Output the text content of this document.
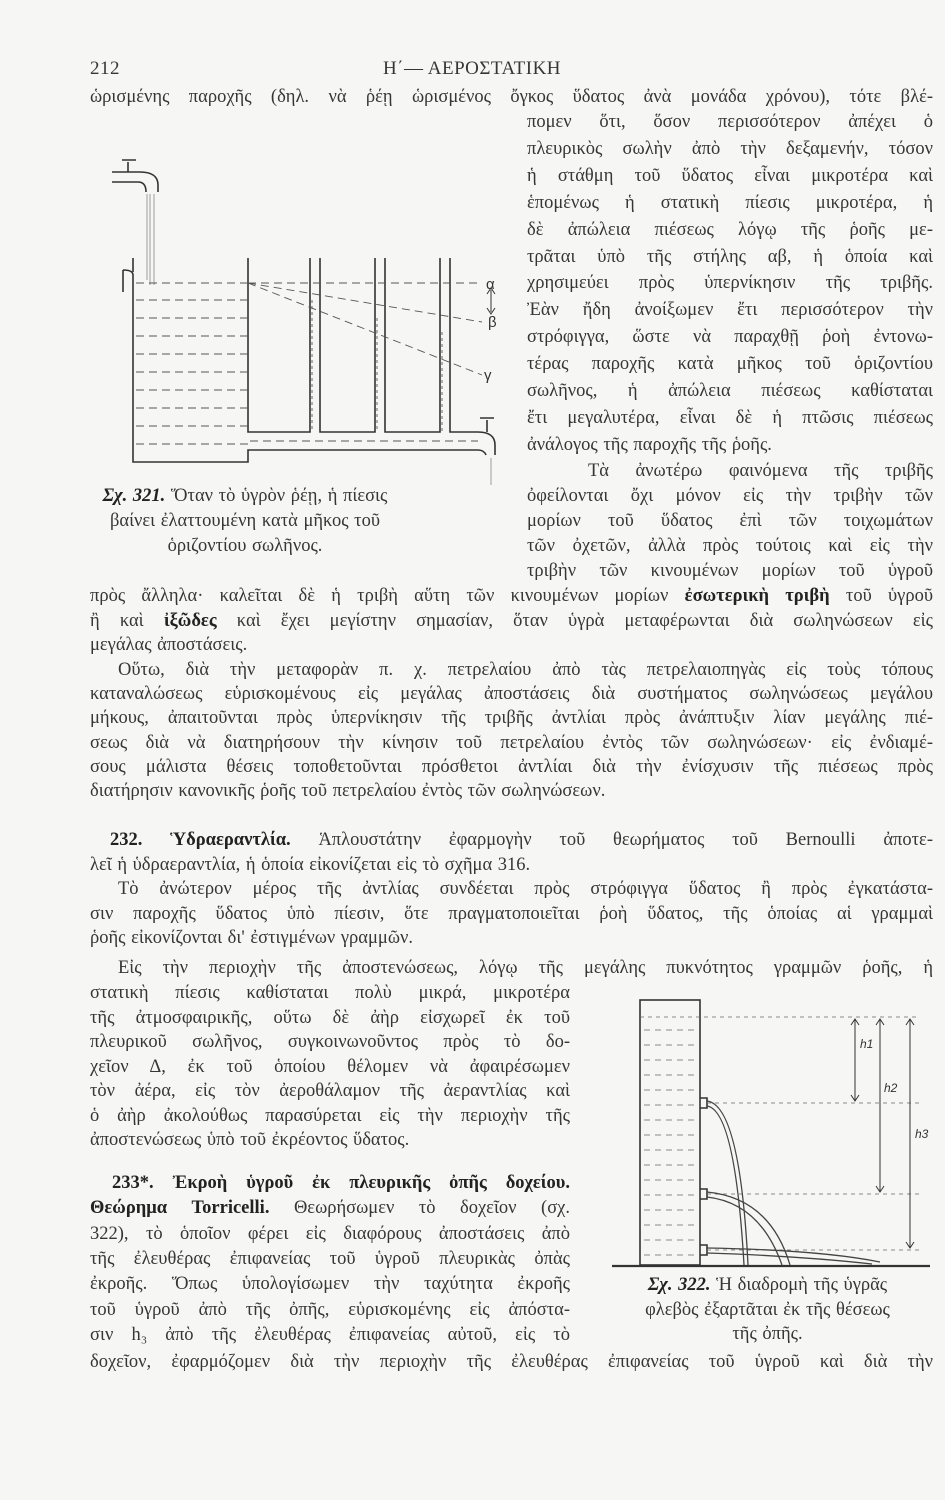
212	Η΄— ΑΕΡΟΣΤΑΤΙΚΗ
α
β
γ
h1
h2
h3
ὡρισμένης παροχῆς (δηλ. νὰ ῥέῃ ὡρισμένος ὄγκος ὕδατος ἀνὰ μονάδα χρόνου), τότε βλέ-
πομεν ὅτι, ὅσον περισσότερον ἀπέχει ὁ
πλευρικὸς σωλὴν ἀπὸ τὴν δεξαμενήν, τόσον
ἡ στάθμη τοῦ ὕδατος εἶναι μικροτέρα καὶ
ἑπομένως ἡ στατικὴ πίεσις μικροτέρα, ἡ
δὲ ἀπώλεια πιέσεως λόγῳ τῆς ῥοῆς με-
τρᾶται ὑπὸ τῆς στήλης αβ, ἡ ὁποία καὶ
χρησιμεύει πρὸς ὑπερνίκησιν τῆς τριβῆς.
Ἐὰν ἤδη ἀνοίξωμεν ἔτι περισσότερον τὴν
στρόφιγγα, ὥστε νὰ παραχθῇ ῥοὴ ἐντονω-
τέρας παροχῆς κατὰ μῆκος τοῦ ὁριζοντίου
σωλῆνος, ἡ ἀπώλεια πιέσεως καθίσταται
ἔτι μεγαλυτέρα, εἶναι δὲ ἡ πτῶσις πιέσεως
ἀνάλογος τῆς παροχῆς τῆς ῥοῆς.
Τὰ ἀνωτέρω φαινόμενα τῆς τριβῆς
ὀφείλονται ὄχι μόνον εἰς τὴν τριβὴν τῶν
μορίων τοῦ ὕδατος ἐπὶ τῶν τοιχωμάτων
τῶν ὀχετῶν, ἀλλὰ πρὸς τούτοις καὶ εἰς τὴν
τριβὴν τῶν κινουμένων μορίων τοῦ ὑγροῦ
πρὸς ἄλληλα· καλεῖται δὲ ἡ τριβὴ αὕτη τῶν κινουμένων μορίων ἐσωτερικὴ τριβὴ τοῦ ὑγροῦ
ἢ καὶ ἰξῶδες καὶ ἔχει μεγίστην σημασίαν, ὅταν ὑγρὰ μεταφέρωνται διὰ σωληνώσεων εἰς
μεγάλας ἀποστάσεις.
Σχ. 321. Ὅταν τὸ ὑγρὸν ῥέῃ, ἡ πίεσις
βαίνει ἐλαττουμένη κατὰ μῆκος τοῦ
ὁριζοντίου σωλῆνος.
Οὕτω, διὰ τὴν μεταφορὰν π. χ. πετρελαίου ἀπὸ τὰς πετρελαιοπηγὰς εἰς τοὺς τόπους
καταναλώσεως εὑρισκομένους εἰς μεγάλας ἀποστάσεις διὰ συστήματος σωληνώσεως μεγάλου
μήκους, ἀπαιτοῦνται πρὸς ὑπερνίκησιν τῆς τριβῆς ἀντλίαι πρὸς ἀνάπτυξιν λίαν μεγάλης πιέ-
σεως διὰ νὰ διατηρήσουν τὴν κίνησιν τοῦ πετρελαίου ἐντὸς τῶν σωληνώσεων· εἰς ἐνδιαμέ-
σους μάλιστα θέσεις τοποθετοῦνται πρόσθετοι ἀντλίαι διὰ τὴν ἐνίσχυσιν τῆς πιέσεως πρὸς
διατήρησιν κανονικῆς ῥοῆς τοῦ πετρελαίου ἐντὸς τῶν σωληνώσεων.
232. Ὑδραεραντλία. Ἁπλουστάτην ἐφαρμογὴν τοῦ θεωρήματος τοῦ Bernoulli ἀποτε-
λεῖ ἡ ὑδραεραντλία, ἡ ὁποία εἰκονίζεται εἰς τὸ σχῆμα 316.
Τὸ ἀνώτερον μέρος τῆς ἀντλίας συνδέεται πρὸς στρόφιγγα ὕδατος ἢ πρὸς ἐγκατάστα-
σιν παροχῆς ὕδατος ὑπὸ πίεσιν, ὅτε πραγματοποιεῖται ῥοὴ ὕδατος, τῆς ὁποίας αἱ γραμμαὶ
ῥοῆς εἰκονίζονται δι' ἐστιγμένων γραμμῶν.
Εἰς τὴν περιοχὴν τῆς ἀποστενώσεως, λόγῳ τῆς μεγάλης πυκνότητος γραμμῶν ῥοῆς, ἡ
στατικὴ πίεσις καθίσταται πολὺ μικρά, μικροτέρα
τῆς ἀτμοσφαιρικῆς, οὕτω δὲ ἀὴρ εἰσχωρεῖ ἐκ τοῦ
πλευρικοῦ σωλῆνος, συγκοινωνοῦντος πρὸς τὸ δο-
χεῖον Δ, ἐκ τοῦ ὁποίου θέλομεν νὰ ἀφαιρέσωμεν
τὸν ἀέρα, εἰς τὸν ἀεροθάλαμον τῆς ἀεραντλίας καὶ
ὁ ἀὴρ ἀκολούθως παρασύρεται εἰς τὴν περιοχὴν τῆς
ἀποστενώσεως ὑπὸ τοῦ ἐκρέοντος ὕδατος.
233*. Ἐκροὴ ὑγροῦ ἐκ πλευρικῆς ὀπῆς δοχείου.
Θεώρημα Torricelli. Θεωρήσωμεν τὸ δοχεῖον (σχ.
322), τὸ ὁποῖον φέρει εἰς διαφόρους ἀποστάσεις ἀπὸ
τῆς ἐλευθέρας ἐπιφανείας τοῦ ὑγροῦ πλευρικὰς ὀπὰς
ἐκροῆς. Ὅπως ὑπολογίσωμεν τὴν ταχύτητα ἐκροῆς
τοῦ ὑγροῦ ἀπὸ τῆς ὀπῆς, εὑρισκομένης εἰς ἀπόστα-
σιν h₃ ἀπὸ τῆς ἐλευθέρας ἐπιφανείας αὐτοῦ, εἰς τὸ
δοχεῖον, ἐφαρμόζομεν διὰ τὴν περιοχὴν τῆς ἐλευθέρας ἐπιφανείας τοῦ ὑγροῦ καὶ διὰ τὴν
Σχ. 322. Ἡ διαδρομὴ τῆς ὑγρᾶς
φλεβὸς ἐξαρτᾶται ἐκ τῆς θέσεως
τῆς ὀπῆς.
